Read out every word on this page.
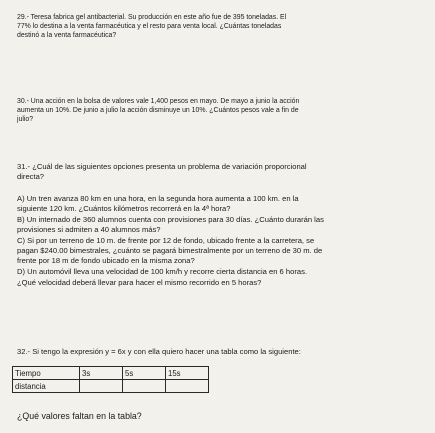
29.- Teresa fabrica gel antibacterial. Su producción en este año fue de 395 toneladas. El
77% lo destina a la venta farmacéutica y el resto para venta local. ¿Cuántas toneladas
destinó a la venta farmacéutica?
30.- Una acción en la bolsa de valores vale 1,400 pesos en mayo. De mayo a junio la acción
aumenta un 10%. De junio a julio la acción disminuye un 10%. ¿Cuántos pesos vale a fin de
julio?
31.- ¿Cuál de las siguientes opciones presenta un problema de variación proporcional
directa?
A) Un tren avanza 80 km en una hora, en la segunda hora aumenta a 100 km. en la
siguiente 120 km. ¿Cuántos kilómetros recorrerá en la 4ª hora?
B) Un internado de 360 alumnos cuenta con provisiones para 30 días. ¿Cuánto durarán las
provisiones si admiten a 40 alumnos más?
C) Si por un terreno de 10 m. de frente por 12 de fondo, ubicado frente a la carretera, se
pagan $240.00 bimestrales, ¿cuánto se pagará bimestralmente por un terreno de 30 m. de
frente por 18 m de fondo ubicado en la misma zona?
D) Un automóvil lleva una velocidad de 100 km/h y recorre cierta distancia en 6 horas.
¿Qué velocidad deberá llevar para hacer el mismo recorrido en 5 horas?
32.- Si tengo la expresión y = 6x y con ella quiero hacer una tabla como la siguiente:
Tiempo	3s	5s	15s
distancia			
¿Qué valores faltan en la tabla?
